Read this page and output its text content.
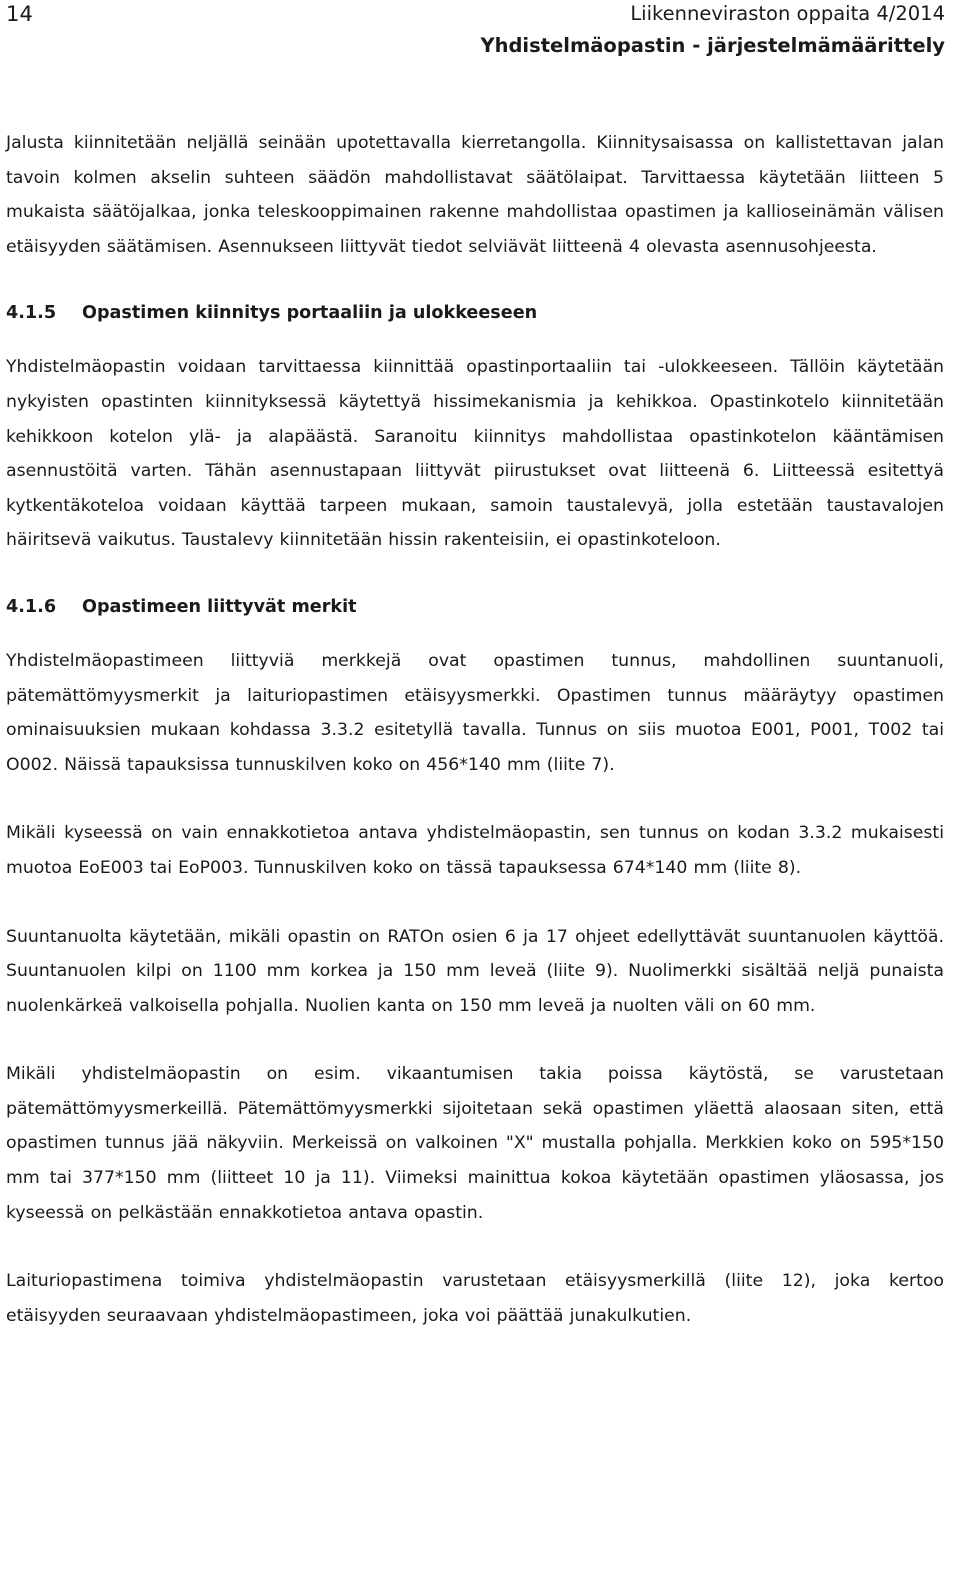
14	Liikenneviraston oppaita 4/2014
Yhdistelmäopastin - järjestelmämäärittely

Jalusta kiinnitetään neljällä seinään upotettavalla kierretangolla. Kiinnitysaisassa on kallistettavan jalan tavoin kolmen akselin suhteen säädön mahdollistavat säätölaipat. Tarvittaessa käytetään liitteen 5 mukaista säätöjalkaa, jonka teleskooppimainen rakenne mahdollistaa opastimen ja kallioseinämän välisen etäisyyden säätämisen. Asennukseen liittyvät tiedot selviävät liitteenä 4 olevasta asennusohjeesta.

4.1.5 Opastimen kiinnitys portaaliin ja ulokkeeseen

Yhdistelmäopastin voidaan tarvittaessa kiinnittää opastinportaaliin tai -ulokkeeseen. Tällöin käytetään nykyisten opastinten kiinnityksessä käytettyä hissimekanismia ja kehikkoa. Opastinkotelo kiinnitetään kehikkoon kotelon ylä- ja alapäästä. Saranoitu kiinnitys mahdollistaa opastinkotelon kääntämisen asennustöitä varten. Tähän asennustapaan liittyvät piirustukset ovat liitteenä 6. Liitteessä esitettyä kytkentäkoteloa voidaan käyttää tarpeen mukaan, samoin taustalevyä, jolla estetään taustavalojen häiritsevä vaikutus. Taustalevy kiinnitetään hissin rakenteisiin, ei opastinkoteloon.

4.1.6 Opastimeen liittyvät merkit

Yhdistelmäopastimeen liittyviä merkkejä ovat opastimen tunnus, mahdollinen suuntanuoli, pätemättömyysmerkit ja laituriopastimen etäisyysmerkki. Opastimen tunnus määräytyy opastimen ominaisuuksien mukaan kohdassa 3.3.2 esitetyllä tavalla. Tunnus on siis muotoa E001, P001, T002 tai O002. Näissä tapauksissa tunnuskilven koko on 456*140 mm (liite 7).

Mikäli kyseessä on vain ennakkotietoa antava yhdistelmäopastin, sen tunnus on kodan 3.3.2 mukaisesti muotoa EoE003 tai EoP003. Tunnuskilven koko on tässä tapauksessa 674*140 mm (liite 8).

Suuntanuolta käytetään, mikäli opastin on RATOn osien 6 ja 17 ohjeet edellyttävät suuntanuolen käyttöä. Suuntanuolen kilpi on 1100 mm korkea ja 150 mm leveä (liite 9). Nuolimerkki sisältää neljä punaista nuolenkärkeä valkoisella pohjalla. Nuolien kanta on 150 mm leveä ja nuolten väli on 60 mm.

Mikäli yhdistelmäopastin on esim. vikaantumisen takia poissa käytöstä, se varustetaan pätemättömyysmerkeillä. Pätemättömyysmerkki sijoitetaan sekä opastimen yläettä alaosaan siten, että opastimen tunnus jää näkyviin. Merkeissä on valkoinen "X" mustalla pohjalla. Merkkien koko on 595*150 mm tai 377*150 mm (liitteet 10 ja 11). Viimeksi mainittua kokoa käytetään opastimen yläosassa, jos kyseessä on pelkästään ennakkotietoa antava opastin.

Laituriopastimena toimiva yhdistelmäopastin varustetaan etäisyysmerkillä (liite 12), joka kertoo etäisyyden seuraavaan yhdistelmäopastimeen, joka voi päättää junakulkutien.
